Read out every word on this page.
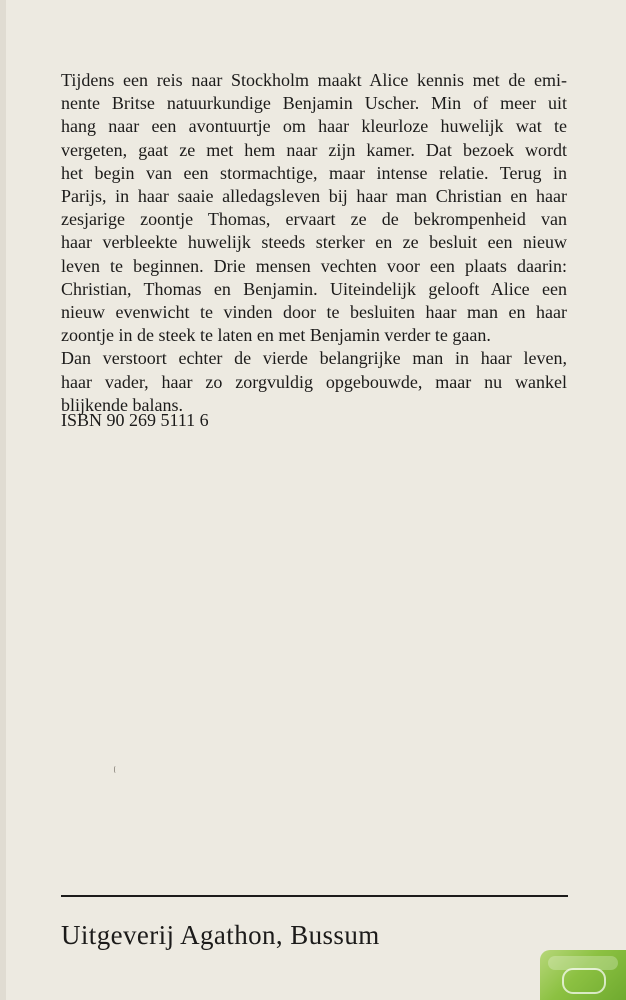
Tijdens een reis naar Stockholm maakt Alice kennis met de emi-
nente Britse natuurkundige Benjamin Uscher. Min of meer uit
hang naar een avontuurtje om haar kleurloze huwelijk wat te
vergeten, gaat ze met hem naar zijn kamer. Dat bezoek wordt
het begin van een stormachtige, maar intense relatie. Terug in
Parijs, in haar saaie alledagsleven bij haar man Christian en haar
zesjarige zoontje Thomas, ervaart ze de bekrompenheid van
haar verbleekte huwelijk steeds sterker en ze besluit een nieuw
leven te beginnen. Drie mensen vechten voor een plaats daarin:
Christian, Thomas en Benjamin. Uiteindelijk gelooft Alice een
nieuw evenwicht te vinden door te besluiten haar man en haar
zoontje in de steek te laten en met Benjamin verder te gaan.
Dan verstoort echter de vierde belangrijke man in haar leven,
haar vader, haar zo zorgvuldig opgebouwde, maar nu wankel
blijkende balans.
ISBN 90 269 5111 6
Uitgeverij Agathon, Bussum
